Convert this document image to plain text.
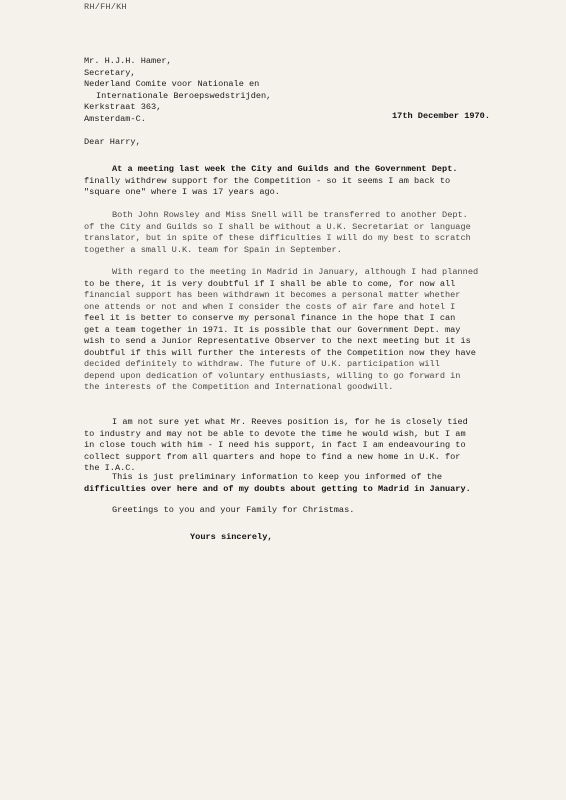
RH/FH/KH
Mr. H.J.H. Hamer,
Secretary,
Nederland Comite voor Nationale en
Internationale Beroepswedstrijden,
Kerkstraat 363,
Amsterdam-C.	17th December 1970.
Dear Harry,
At a meeting last week the City and Guilds and the Government Dept.
finally withdrew support for the Competition - so it seems I am back to
"square one" where I was 17 years ago.
Both John Rowsley and Miss Snell will be transferred to another Dept.
of the City and Guilds so I shall be without a U.K. Secretariat or language
translator, but in spite of these difficulties I will do my best to scratch
together a small U.K. team for Spain in September.
With regard to the meeting in Madrid in January, although I had planned
to be there, it is very doubtful if I shall be able to come, for now all
financial support has been withdrawn it becomes a personal matter whether
one attends or not and when I consider the costs of air fare and hotel I
feel it is better to conserve my personal finance in the hope that I can
get a team together in 1971. It is possible that our Government Dept. may
wish to send a Junior Representative Observer to the next meeting but it is
doubtful if this will further the interests of the Competition now they have
decided definitely to withdraw. The future of U.K. participation will
depend upon dedication of voluntary enthusiasts, willing to go forward in
the interests of the Competition and International goodwill.
I am not sure yet what Mr. Reeves position is, for he is closely tied
to industry and may not be able to devote the time he would wish, but I am
in close touch with him - I need his support, in fact I am endeavouring to
collect support from all quarters and hope to find a new home in U.K. for
the I.A.C.
This is just preliminary information to keep you informed of the
difficulties over here and of my doubts about getting to Madrid in January.
Greetings to you and your Family for Christmas.
Yours sincerely,
